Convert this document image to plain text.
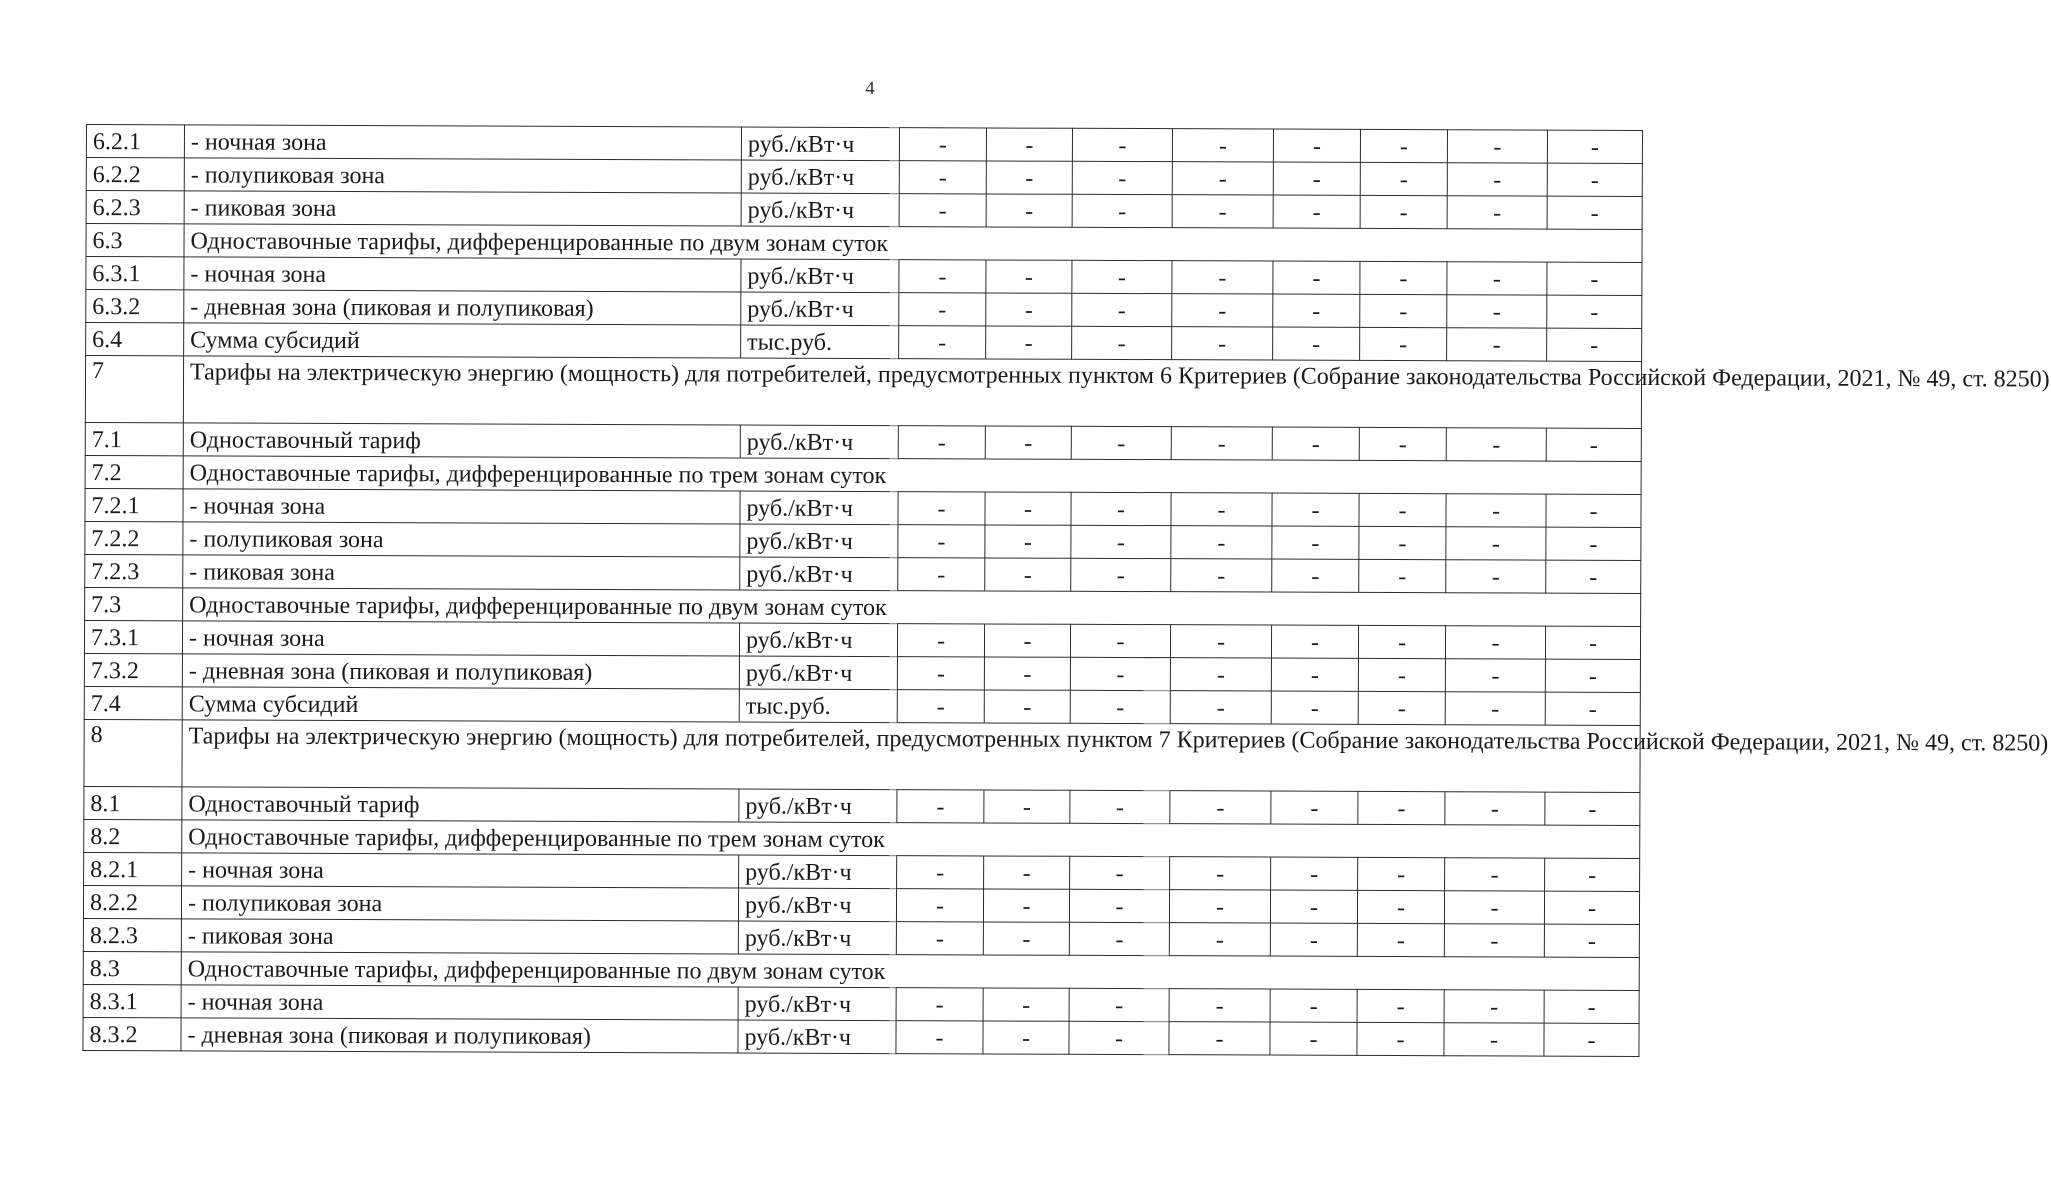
4
6.2.1	- ночная зона	руб./кВт·ч	-	-	-	-	-	-	-	-
6.2.2	- полупиковая зона	руб./кВт·ч	-	-	-	-	-	-	-	-
6.2.3	- пиковая зона	руб./кВт·ч	-	-	-	-	-	-	-	-
6.3	Одноставочные тарифы, дифференцированные по двум зонам суток									
6.3.1	- ночная зона	руб./кВт·ч	-	-	-	-	-	-	-	-
6.3.2	- дневная зона (пиковая и полупиковая)	руб./кВт·ч	-	-	-	-	-	-	-	-
6.4	Сумма субсидий	тыс.руб.	-	-	-	-	-	-	-	-
7	Тарифы на электрическую энергию (мощность) для потребителей, предусмотренных пунктом 6 Критериев (Собрание законодательства Российской Федерации, 2021, № 49, ст. 8250)									
7.1	Одноставочный тариф	руб./кВт·ч	-	-	-	-	-	-	-	-
7.2	Одноставочные тарифы, дифференцированные по трем зонам суток									
7.2.1	- ночная зона	руб./кВт·ч	-	-	-	-	-	-	-	-
7.2.2	- полупиковая зона	руб./кВт·ч	-	-	-	-	-	-	-	-
7.2.3	- пиковая зона	руб./кВт·ч	-	-	-	-	-	-	-	-
7.3	Одноставочные тарифы, дифференцированные по двум зонам суток									
7.3.1	- ночная зона	руб./кВт·ч	-	-	-	-	-	-	-	-
7.3.2	- дневная зона (пиковая и полупиковая)	руб./кВт·ч	-	-	-	-	-	-	-	-
7.4	Сумма субсидий	тыс.руб.	-	-	-	-	-	-	-	-
8	Тарифы на электрическую энергию (мощность) для потребителей, предусмотренных пунктом 7 Критериев (Собрание законодательства Российской Федерации, 2021, № 49, ст. 8250)									
8.1	Одноставочный тариф	руб./кВт·ч	-	-	-	-	-	-	-	-
8.2	Одноставочные тарифы, дифференцированные по трем зонам суток									
8.2.1	- ночная зона	руб./кВт·ч	-	-	-	-	-	-	-	-
8.2.2	- полупиковая зона	руб./кВт·ч	-	-	-	-	-	-	-	-
8.2.3	- пиковая зона	руб./кВт·ч	-	-	-	-	-	-	-	-
8.3	Одноставочные тарифы, дифференцированные по двум зонам суток									
8.3.1	- ночная зона	руб./кВт·ч	-	-	-	-	-	-	-	-
8.3.2	- дневная зона (пиковая и полупиковая)	руб./кВт·ч	-	-	-	-	-	-	-	-
